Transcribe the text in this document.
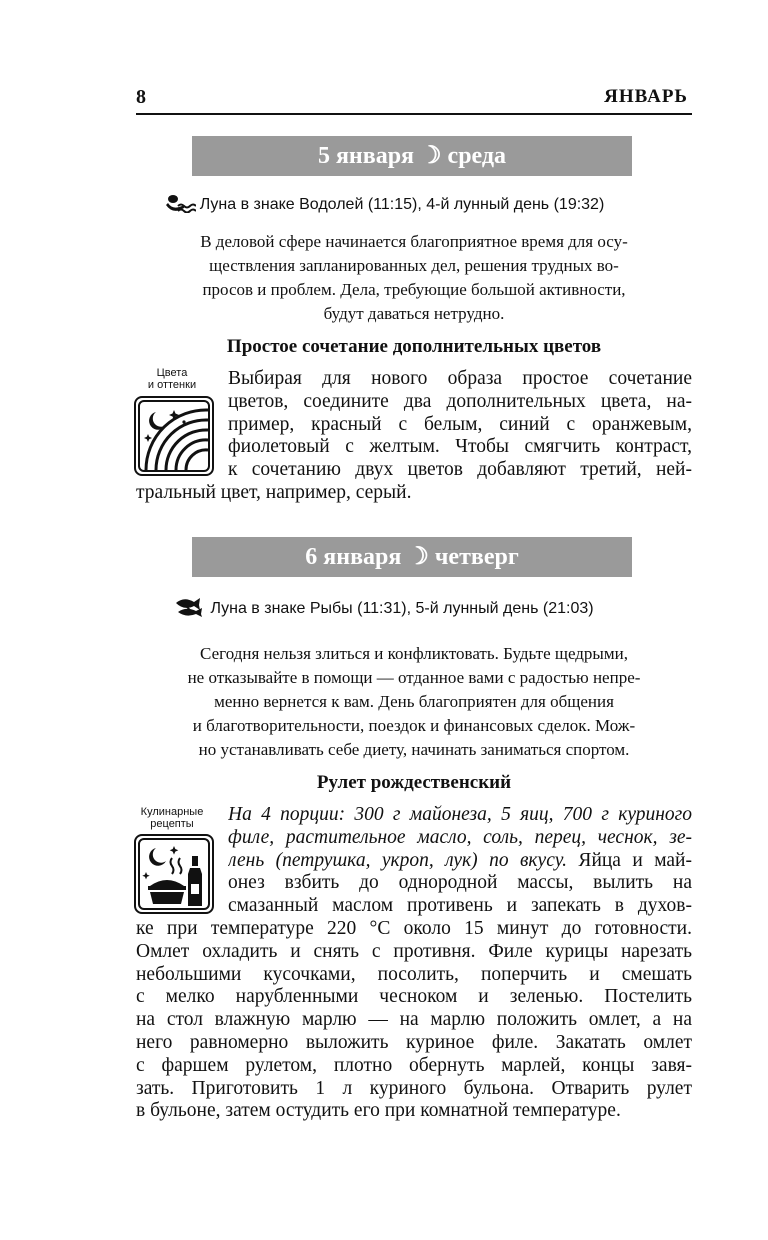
8	ЯНВАРЬ
5 января ☽ среда
Луна в знаке Водолей (11:15), 4-й лунный день (19:32)
В деловой сфере начинается благоприятное время для осу-
ществления запланированных дел, решения трудных во-
просов и проблем. Дела, требующие большой активности,
будут даваться нетрудно.
Простое сочетание дополнительных цветов
Цвета
и оттенки	Выбирая для нового образа простое сочетание
цветов, соедините два дополнительных цвета, на-
пример, красный с белым, синий с оранжевым,
фиолетовый с желтым. Чтобы смягчить контраст,
к сочетанию двух цветов добавляют третий, ней-
тральный цвет, например, серый.
6 января ☽ четверг
Луна в знаке Рыбы (11:31), 5-й лунный день (21:03)
Сегодня нельзя злиться и конфликтовать. Будьте щедрыми,
не отказывайте в помощи — отданное вами с радостью непре-
менно вернется к вам. День благоприятен для общения
и благотворительности, поездок и финансовых сделок. Мож-
но устанавливать себе диету, начинать заниматься спортом.
Рулет рождественский
Кулинарные
рецепты	На 4 порции: 300 г майонеза, 5 яиц, 700 г куриного
филе, растительное масло, соль, перец, чеснок, зе-
лень (петрушка, укроп, лук) по вкусу. Яйца и май-
онез взбить до однородной массы, вылить на
смазанный маслом противень и запекать в духов-
ке при температуре 220 °С около 15 минут до готовности.
Омлет охладить и снять с противня. Филе курицы нарезать
небольшими кусочками, посолить, поперчить и смешать
с мелко нарубленными чесноком и зеленью. Постелить
на стол влажную марлю — на марлю положить омлет, а на
него равномерно выложить куриное филе. Закатать омлет
с фаршем рулетом, плотно обернуть марлей, концы завя-
зать. Приготовить 1 л куриного бульона. Отварить рулет
в бульоне, затем остудить его при комнатной температуре.
